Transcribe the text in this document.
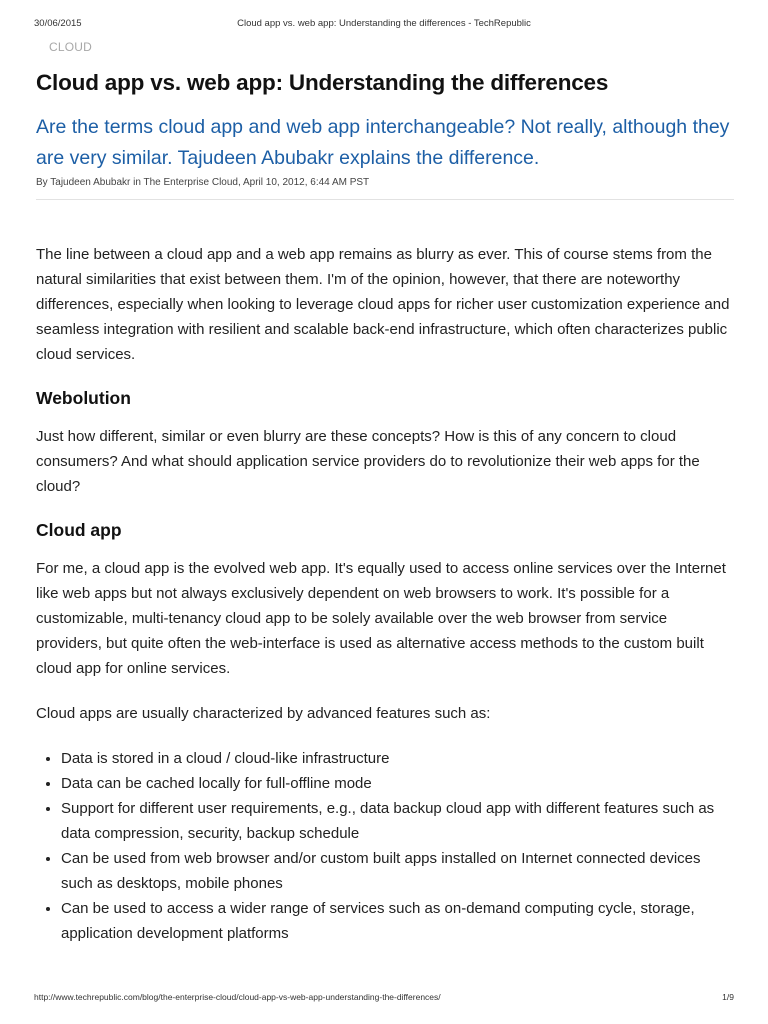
30/06/2015	Cloud app vs. web app: Understanding the differences - TechRepublic
CLOUD
Cloud app vs. web app: Understanding the differences

Are the terms cloud app and web app interchangeable? Not really, although they are very similar. Tajudeen Abubakr explains the difference.

By Tajudeen Abubakr in The Enterprise Cloud, April 10, 2012, 6:44 AM PST

The line between a cloud app and a web app remains as blurry as ever. This of course stems from the natural similarities that exist between them. I'm of the opinion, however, that there are noteworthy differences, especially when looking to leverage cloud apps for richer user customization experience and seamless integration with resilient and scalable back-end infrastructure, which often characterizes public cloud services.

Webolution

Just how different, similar or even blurry are these concepts? How is this of any concern to cloud consumers? And what should application service providers do to revolutionize their web apps for the cloud?

Cloud app

For me, a cloud app is the evolved web app. It's equally used to access online services over the Internet like web apps but not always exclusively dependent on web browsers to work. It's possible for a customizable, multi-tenancy cloud app to be solely available over the web browser from service providers, but quite often the web-interface is used as alternative access methods to the custom built cloud app for online services.

Cloud apps are usually characterized by advanced features such as:

• Data is stored in a cloud / cloud-like infrastructure
• Data can be cached locally for full-offline mode
• Support for different user requirements, e.g., data backup cloud app with different features such as data compression, security, backup schedule
• Can be used from web browser and/or custom built apps installed on Internet connected devices such as desktops, mobile phones
• Can be used to access a wider range of services such as on-demand computing cycle, storage, application development platforms
http://www.techrepublic.com/blog/the-enterprise-cloud/cloud-app-vs-web-app-understanding-the-differences/	1/9
